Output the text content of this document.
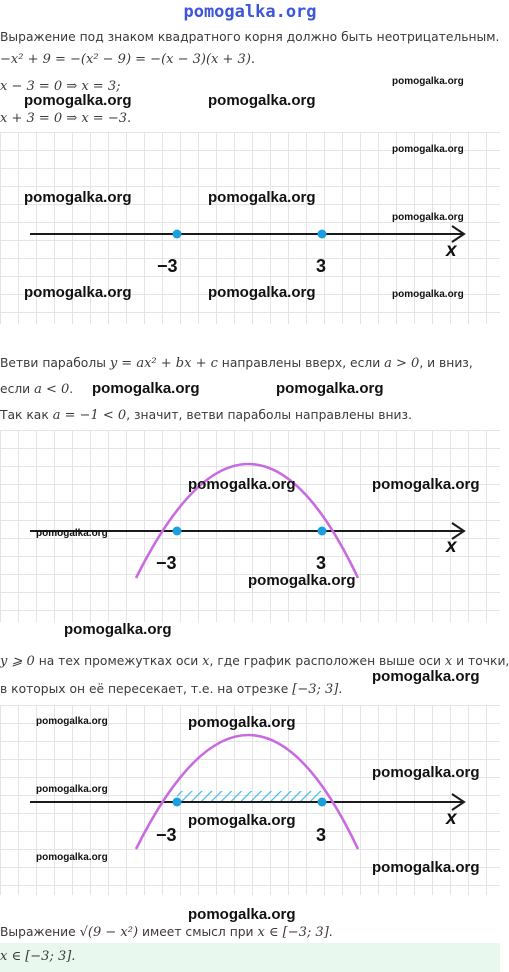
pomogalka.org
Выражение под знаком квадратного корня должно быть неотрицательным.
−x² + 9 = −(x² − 9) = −(x − 3)(x + 3).
x − 3 = 0 ⇒ x = 3;
x + 3 = 0 ⇒ x = −3.
pomogalka.org
pomogalka.org	pomogalka.org
pomogalka.org
pomogalka.org	pomogalka.org
pomogalka.org
x
−3	3
pomogalka.org	pomogalka.org	pomogalka.org
Ветви параболы y = ax² + bx + c направлены вверх, если a > 0, и вниз,
если a < 0. pomogalka.org	pomogalka.org
Так как a = −1 < 0, значит, ветви параболы направлены вниз.
pomogalka.org	pomogalka.org
pomogalka.org
x
−3	3
pomogalka.org
pomogalka.org
y ⩾ 0 на тех промежутках оси x, где график расположен выше оси x и точки,
pomogalka.org
в которых он её пересекает, т.е. на отрезке [−3; 3].
pomogalka.org	pomogalka.org
pomogalka.org
pomogalka.org
pomogalka.org	x
−3	3
pomogalka.org
pomogalka.org
pomogalka.org
Выражение √(9 − x²) имеет смысл при x ∈ [−3; 3].
x ∈ [−3; 3].
